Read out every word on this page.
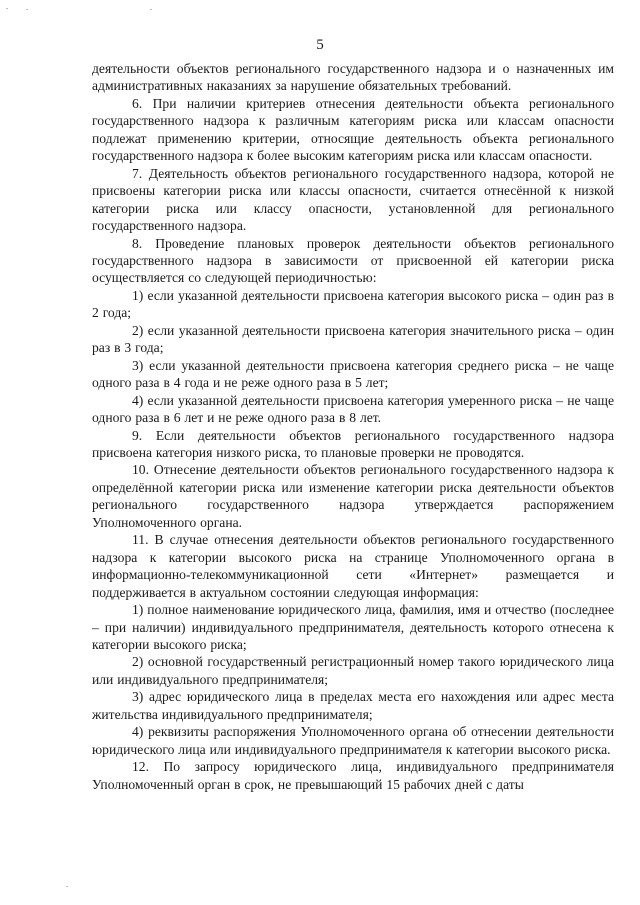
5

деятельности объектов регионального государственного надзора и о назначенных им административных наказаниях за нарушение обязательных требований.

6. При наличии критериев отнесения деятельности объекта регионального государственного надзора к различным категориям риска или классам опасности подлежат применению критерии, относящие деятельность объекта регионального государственного надзора к более высоким категориям риска или классам опасности.

7. Деятельность объектов регионального государственного надзора, которой не присвоены категории риска или классы опасности, считается отнесённой к низкой категории риска или классу опасности, установленной для регионального государственного надзора.

8. Проведение плановых проверок деятельности объектов регионального государственного надзора в зависимости от присвоенной ей категории риска осуществляется со следующей периодичностью:

1) если указанной деятельности присвоена категория высокого риска – один раз в 2 года;

2) если указанной деятельности присвоена категория значительного риска – один раз в 3 года;

3) если указанной деятельности присвоена категория среднего риска – не чаще одного раза в 4 года и не реже одного раза в 5 лет;

4) если указанной деятельности присвоена категория умеренного риска – не чаще одного раза в 6 лет и не реже одного раза в 8 лет.

9. Если деятельности объектов регионального государственного надзора присвоена категория низкого риска, то плановые проверки не проводятся.

10. Отнесение деятельности объектов регионального государственного надзора к определённой категории риска или изменение категории риска деятельности объектов регионального государственного надзора утверждается распоряжением Уполномоченного органа.

11. В случае отнесения деятельности объектов регионального государственного надзора к категории высокого риска на странице Уполномоченного органа в информационно-телекоммуникационной сети «Интернет» размещается и поддерживается в актуальном состоянии следующая информация:

1) полное наименование юридического лица, фамилия, имя и отчество (последнее – при наличии) индивидуального предпринимателя, деятельность которого отнесена к категории высокого риска;

2) основной государственный регистрационный номер такого юридического лица или индивидуального предпринимателя;

3) адрес юридического лица в пределах места его нахождения или адрес места жительства индивидуального предпринимателя;

4) реквизиты распоряжения Уполномоченного органа об отнесении деятельности юридического лица или индивидуального предпринимателя к категории высокого риска.

12. По запросу юридического лица, индивидуального предпринимателя Уполномоченный орган в срок, не превышающий 15 рабочих дней с даты
